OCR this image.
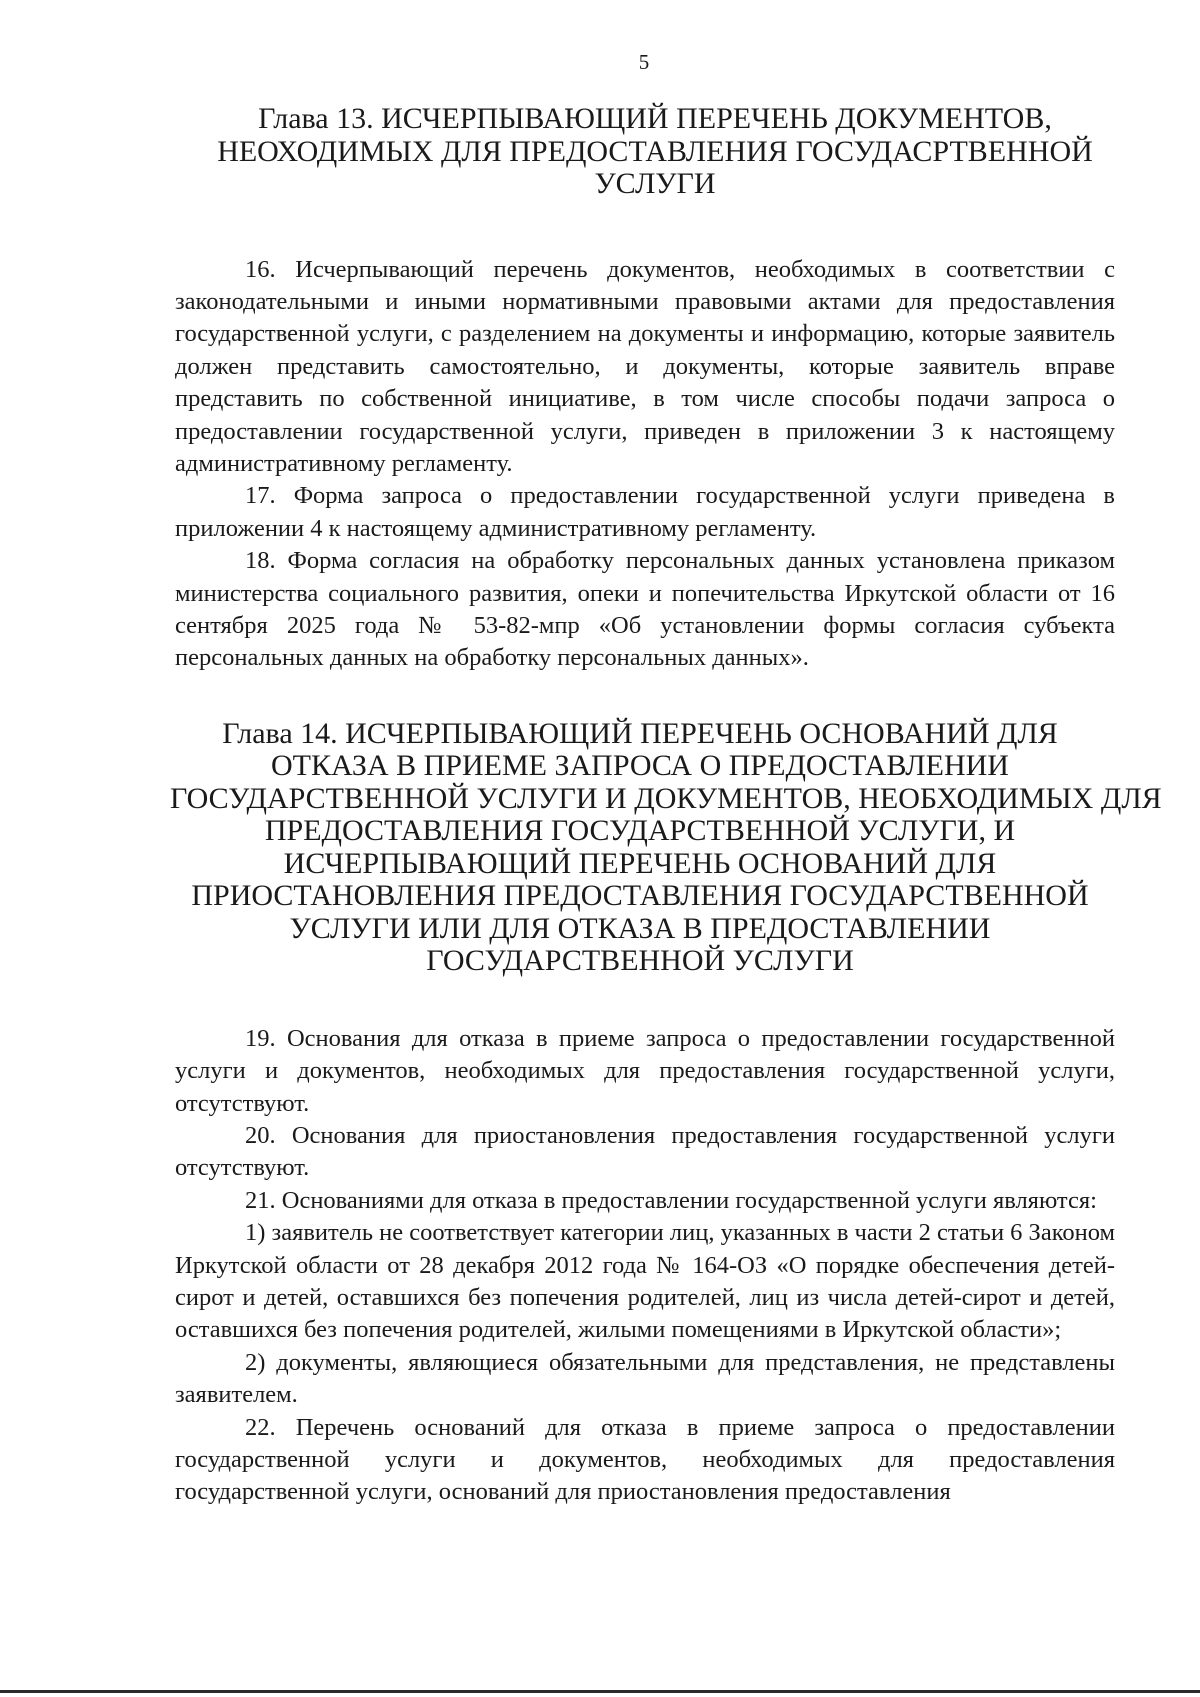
5
Глава 13. ИСЧЕРПЫВАЮЩИЙ ПЕРЕЧЕНЬ ДОКУМЕНТОВ,
НЕОХОДИМЫХ ДЛЯ ПРЕДОСТАВЛЕНИЯ ГОСУДАСРТВЕННОЙ
УСЛУГИ

16. Исчерпывающий перечень документов, необходимых в соответствии с законодательными и иными нормативными правовыми актами для предоставления государственной услуги, с разделением на документы и информацию, которые заявитель должен представить самостоятельно, и документы, которые заявитель вправе представить по собственной инициативе, в том числе способы подачи запроса о предоставлении государственной услуги, приведен в приложении 3 к настоящему административному регламенту.

17. Форма запроса о предоставлении государственной услуги приведена в приложении 4 к настоящему административному регламенту.

18. Форма согласия на обработку персональных данных установлена приказом министерства социального развития, опеки и попечительства Иркутской области от 16 сентября 2025 года № 53-82-мпр «Об установлении формы согласия субъекта персональных данных на обработку персональных данных».

Глава 14. ИСЧЕРПЫВАЮЩИЙ ПЕРЕЧЕНЬ ОСНОВАНИЙ ДЛЯ
ОТКАЗА В ПРИЕМЕ ЗАПРОСА О ПРЕДОСТАВЛЕНИИ
ГОСУДАРСТВЕННОЙ УСЛУГИ И ДОКУМЕНТОВ, НЕОБХОДИМЫХ ДЛЯ
ПРЕДОСТАВЛЕНИЯ ГОСУДАРСТВЕННОЙ УСЛУГИ, И
ИСЧЕРПЫВАЮЩИЙ ПЕРЕЧЕНЬ ОСНОВАНИЙ ДЛЯ
ПРИОСТАНОВЛЕНИЯ ПРЕДОСТАВЛЕНИЯ ГОСУДАРСТВЕННОЙ
УСЛУГИ ИЛИ ДЛЯ ОТКАЗА В ПРЕДОСТАВЛЕНИИ
ГОСУДАРСТВЕННОЙ УСЛУГИ

19. Основания для отказа в приеме запроса о предоставлении государственной услуги и документов, необходимых для предоставления государственной услуги, отсутствуют.

20. Основания для приостановления предоставления государственной услуги отсутствуют.

21. Основаниями для отказа в предоставлении государственной услуги являются:

1) заявитель не соответствует категории лиц, указанных в части 2 статьи 6 Законом Иркутской области от 28 декабря 2012 года № 164-ОЗ «О порядке обеспечения детей-сирот и детей, оставшихся без попечения родителей, лиц из числа детей-сирот и детей, оставшихся без попечения родителей, жилыми помещениями в Иркутской области»;

2) документы, являющиеся обязательными для представления, не представлены заявителем.

22. Перечень оснований для отказа в приеме запроса о предоставлении государственной услуги и документов, необходимых для предоставления государственной услуги, оснований для приостановления предоставления
